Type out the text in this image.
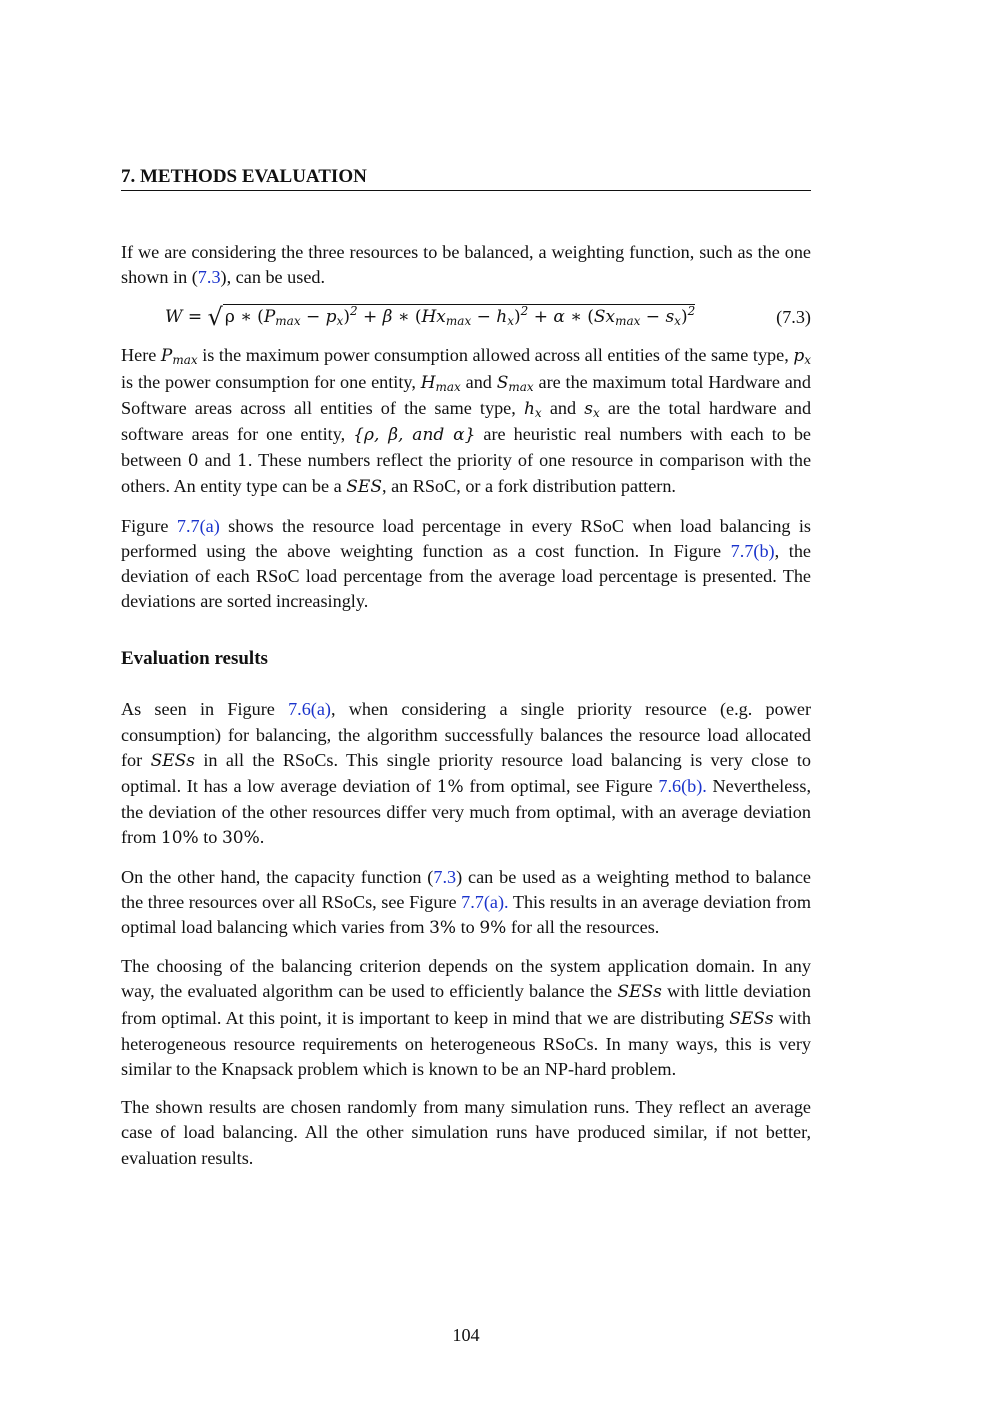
7. METHODS EVALUATION

If we are considering the three resources to be balanced, a weighting function, such as the one shown in (7.3), can be used.

W = √ ρ ∗ $(P_{max} - p_x)^2 + \beta$ ∗ $(Hx_{max} - h_x)^2 + \alpha$ ∗ $(Sx_{max} - s_x)^2$	(7.3)

Here $P_{max}$ is the maximum power consumption allowed across all entities of the same type, $p_x$ is the power consumption for one entity, $H_{max}$ and $S_{max}$ are the maximum total Hardware and Software areas across all entities of the same type, $h_x$ and $s_x$ are the total hardware and software areas for one entity, {ρ, β, and α} are heuristic real numbers with each to be between 0 and 1. These numbers reflect the priority of one resource in comparison with the others. An entity type can be a SES, an RSoC, or a fork distribution pattern.

Figure 7.7(a) shows the resource load percentage in every RSoC when load balancing is performed using the above weighting function as a cost function. In Figure 7.7(b), the deviation of each RSoC load percentage from the average load percentage is presented. The deviations are sorted increasingly.

Evaluation results

As seen in Figure 7.6(a), when considering a single priority resource (e.g. power consumption) for balancing, the algorithm successfully balances the resource load allocated for SESs in all the RSoCs. This single priority resource load balancing is very close to optimal. It has a low average deviation of 1% from optimal, see Figure 7.6(b). Nevertheless, the deviation of the other resources differ very much from optimal, with an average deviation from 10% to 30%.

On the other hand, the capacity function (7.3) can be used as a weighting method to balance the three resources over all RSoCs, see Figure 7.7(a). This results in an average deviation from optimal load balancing which varies from 3% to 9% for all the resources.

The choosing of the balancing criterion depends on the system application domain. In any way, the evaluated algorithm can be used to efficiently balance the SESs with little deviation from optimal. At this point, it is important to keep in mind that we are distributing SESs with heterogeneous resource requirements on heterogeneous RSoCs. In many ways, this is very similar to the Knapsack problem which is known to be an NP-hard problem.

The shown results are chosen randomly from many simulation runs. They reflect an average case of load balancing. All the other simulation runs have produced similar, if not better, evaluation results.

104
